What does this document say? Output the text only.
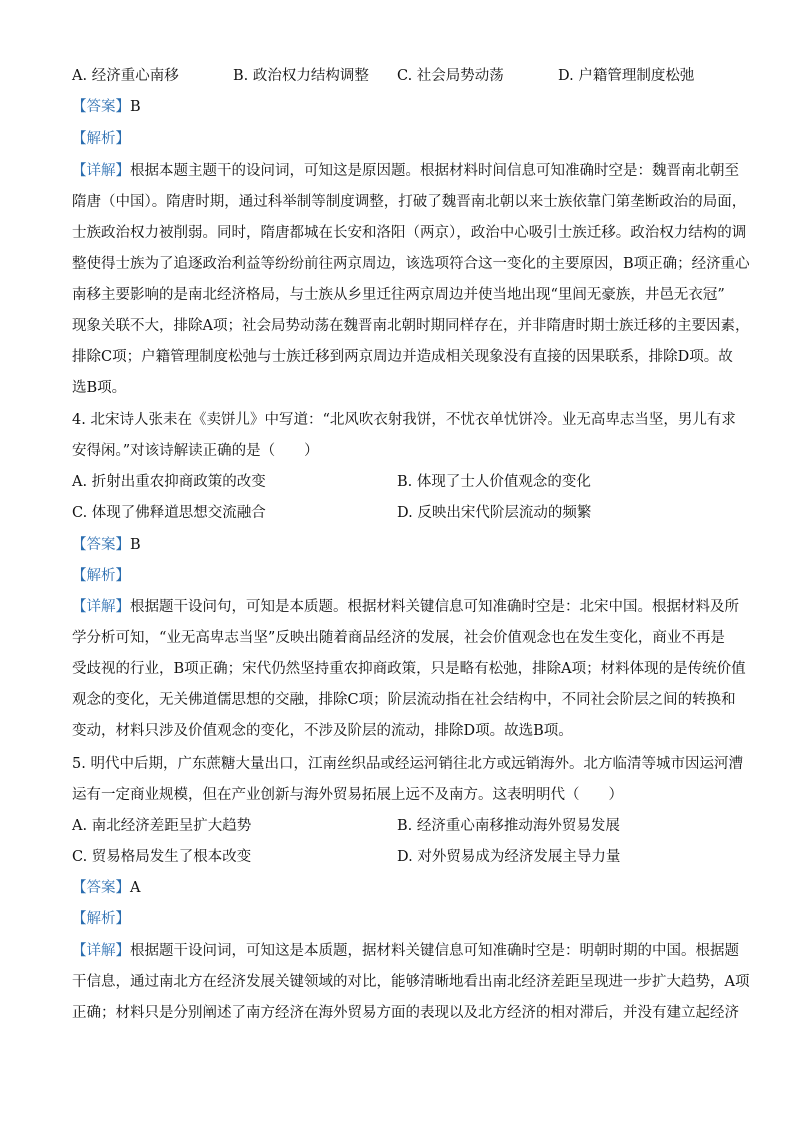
A. 经济重心南移	B. 政治权力结构调整 C. 社会局势动荡	D. 户籍管理制度松弛
【答案】B
【解析】
【详解】根据本题主题干的设问词，可知这是原因题。根据材料时间信息可知准确时空是：魏晋南北朝至
隋唐（中国）。隋唐时期，通过科举制等制度调整，打破了魏晋南北朝以来士族依靠门第垄断政治的局面，
士族政治权力被削弱。同时，隋唐都城在长安和洛阳（两京），政治中心吸引士族迁移。政治权力结构的调
整使得士族为了追逐政治利益等纷纷前往两京周边，该选项符合这一变化的主要原因，B项正确；经济重心
南移主要影响的是南北经济格局，与士族从乡里迁往两京周边并使当地出现“里闾无豪族，井邑无衣冠”
现象关联不大，排除A项；社会局势动荡在魏晋南北朝时期同样存在，并非隋唐时期士族迁移的主要因素，
排除C项；户籍管理制度松弛与士族迁移到两京周边并造成相关现象没有直接的因果联系，排除D项。故
选B项。
4. 北宋诗人张耒在《卖饼儿》中写道：“北风吹衣射我饼，不忧衣单忧饼冷。业无高卑志当坚，男儿有求
安得闲。”对该诗解读正确的是（　　）
A. 折射出重农抑商政策的改变	B. 体现了士人价值观念的变化
C. 体现了佛释道思想交流融合	D. 反映出宋代阶层流动的频繁
【答案】B
【解析】
【详解】根据题干设问句，可知是本质题。根据材料关键信息可知准确时空是：北宋中国。根据材料及所
学分析可知，“业无高卑志当坚”反映出随着商品经济的发展，社会价值观念也在发生变化，商业不再是
受歧视的行业，B项正确；宋代仍然坚持重农抑商政策，只是略有松弛，排除A项；材料体现的是传统价值
观念的变化，无关佛道儒思想的交融，排除C项；阶层流动指在社会结构中，不同社会阶层之间的转换和
变动，材料只涉及价值观念的变化，不涉及阶层的流动，排除D项。故选B项。
5. 明代中后期，广东蔗糖大量出口，江南丝织品或经运河销往北方或远销海外。北方临清等城市因运河漕
运有一定商业规模，但在产业创新与海外贸易拓展上远不及南方。这表明明代（　　）
A. 南北经济差距呈扩大趋势	B. 经济重心南移推动海外贸易发展
C. 贸易格局发生了根本改变	D. 对外贸易成为经济发展主导力量
【答案】A
【解析】
【详解】根据题干设问词，可知这是本质题，据材料关键信息可知准确时空是：明朝时期的中国。根据题
干信息，通过南北方在经济发展关键领域的对比，能够清晰地看出南北经济差距呈现进一步扩大趋势，A项
正确；材料只是分别阐述了南方经济在海外贸易方面的表现以及北方经济的相对滞后，并没有建立起经济
